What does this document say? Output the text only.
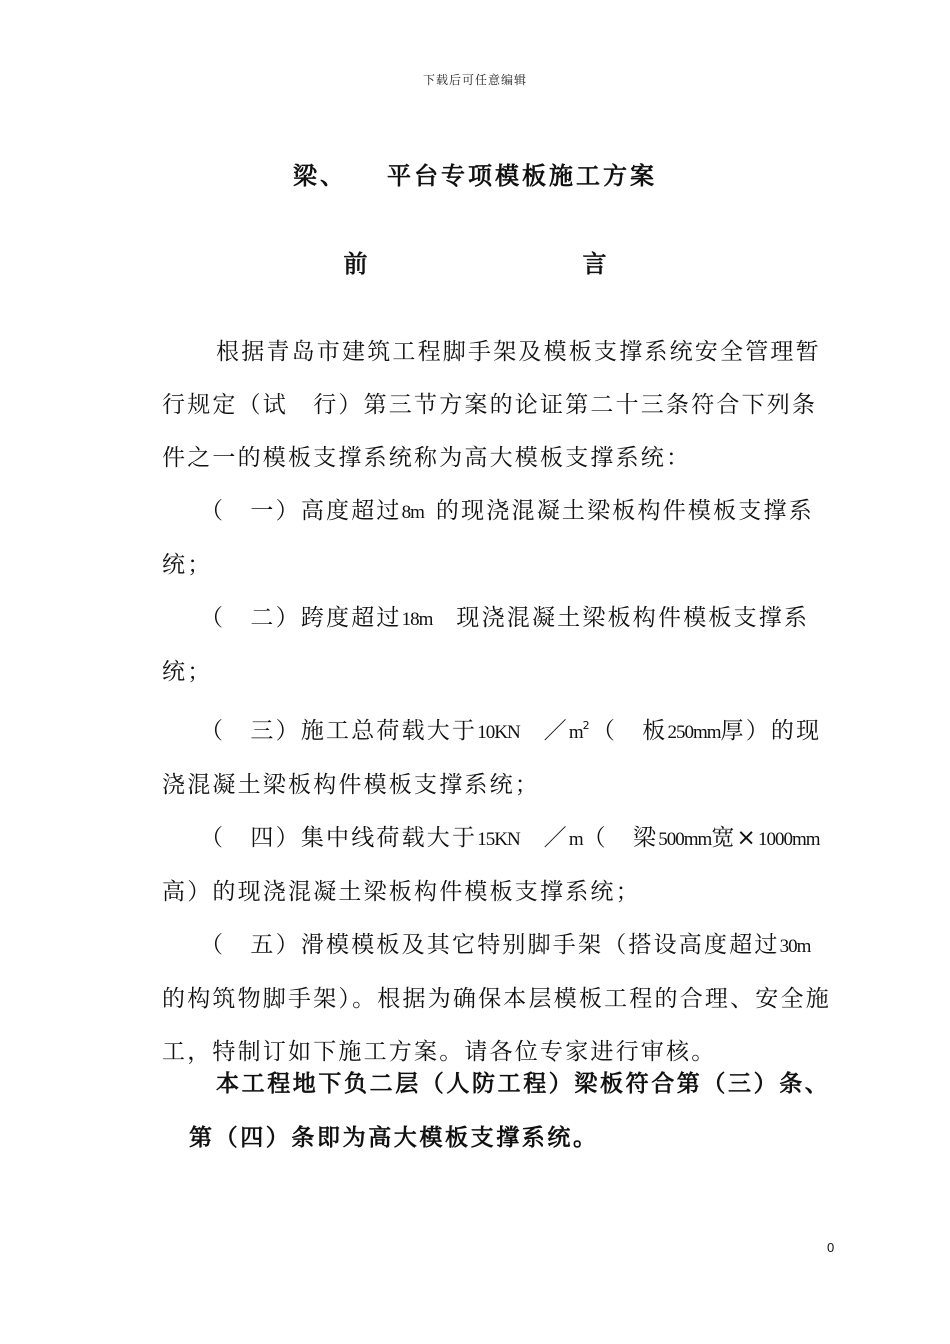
下载后可任意编辑
梁、 平台专项模板施工方案
前	言

根据青岛市建筑工程脚手架及模板支撑系统安全管理暂行规定（试　行）第三节方案的论证第二十三条符合下列条件之一的模板支撑系统称为高大模板支撑系统：

（　一）高度超过8m 的现浇混凝土梁板构件模板支撑系统；

（　二）跨度超过18m 现浇混凝土梁板构件模板支撑系统；

（　三）施工总荷载大于10KN $/m^2$（　板250mm厚）的现浇混凝土梁板构件模板支撑系统；

（　四）集中线荷载大于15KN ／m（　梁500mm宽×1000mm高）的现浇混凝土梁板构件模板支撑系统；

（　五）滑模模板及其它特别脚手架（搭设高度超过30m的构筑物脚手架）。根据为确保本层模板工程的合理、安全施工，特制订如下施工方案。请各位专家进行审核。

本工程地下负二层（人防工程）梁板符合第（三）条、

第（四）条即为高大模板支撑系统。

0
